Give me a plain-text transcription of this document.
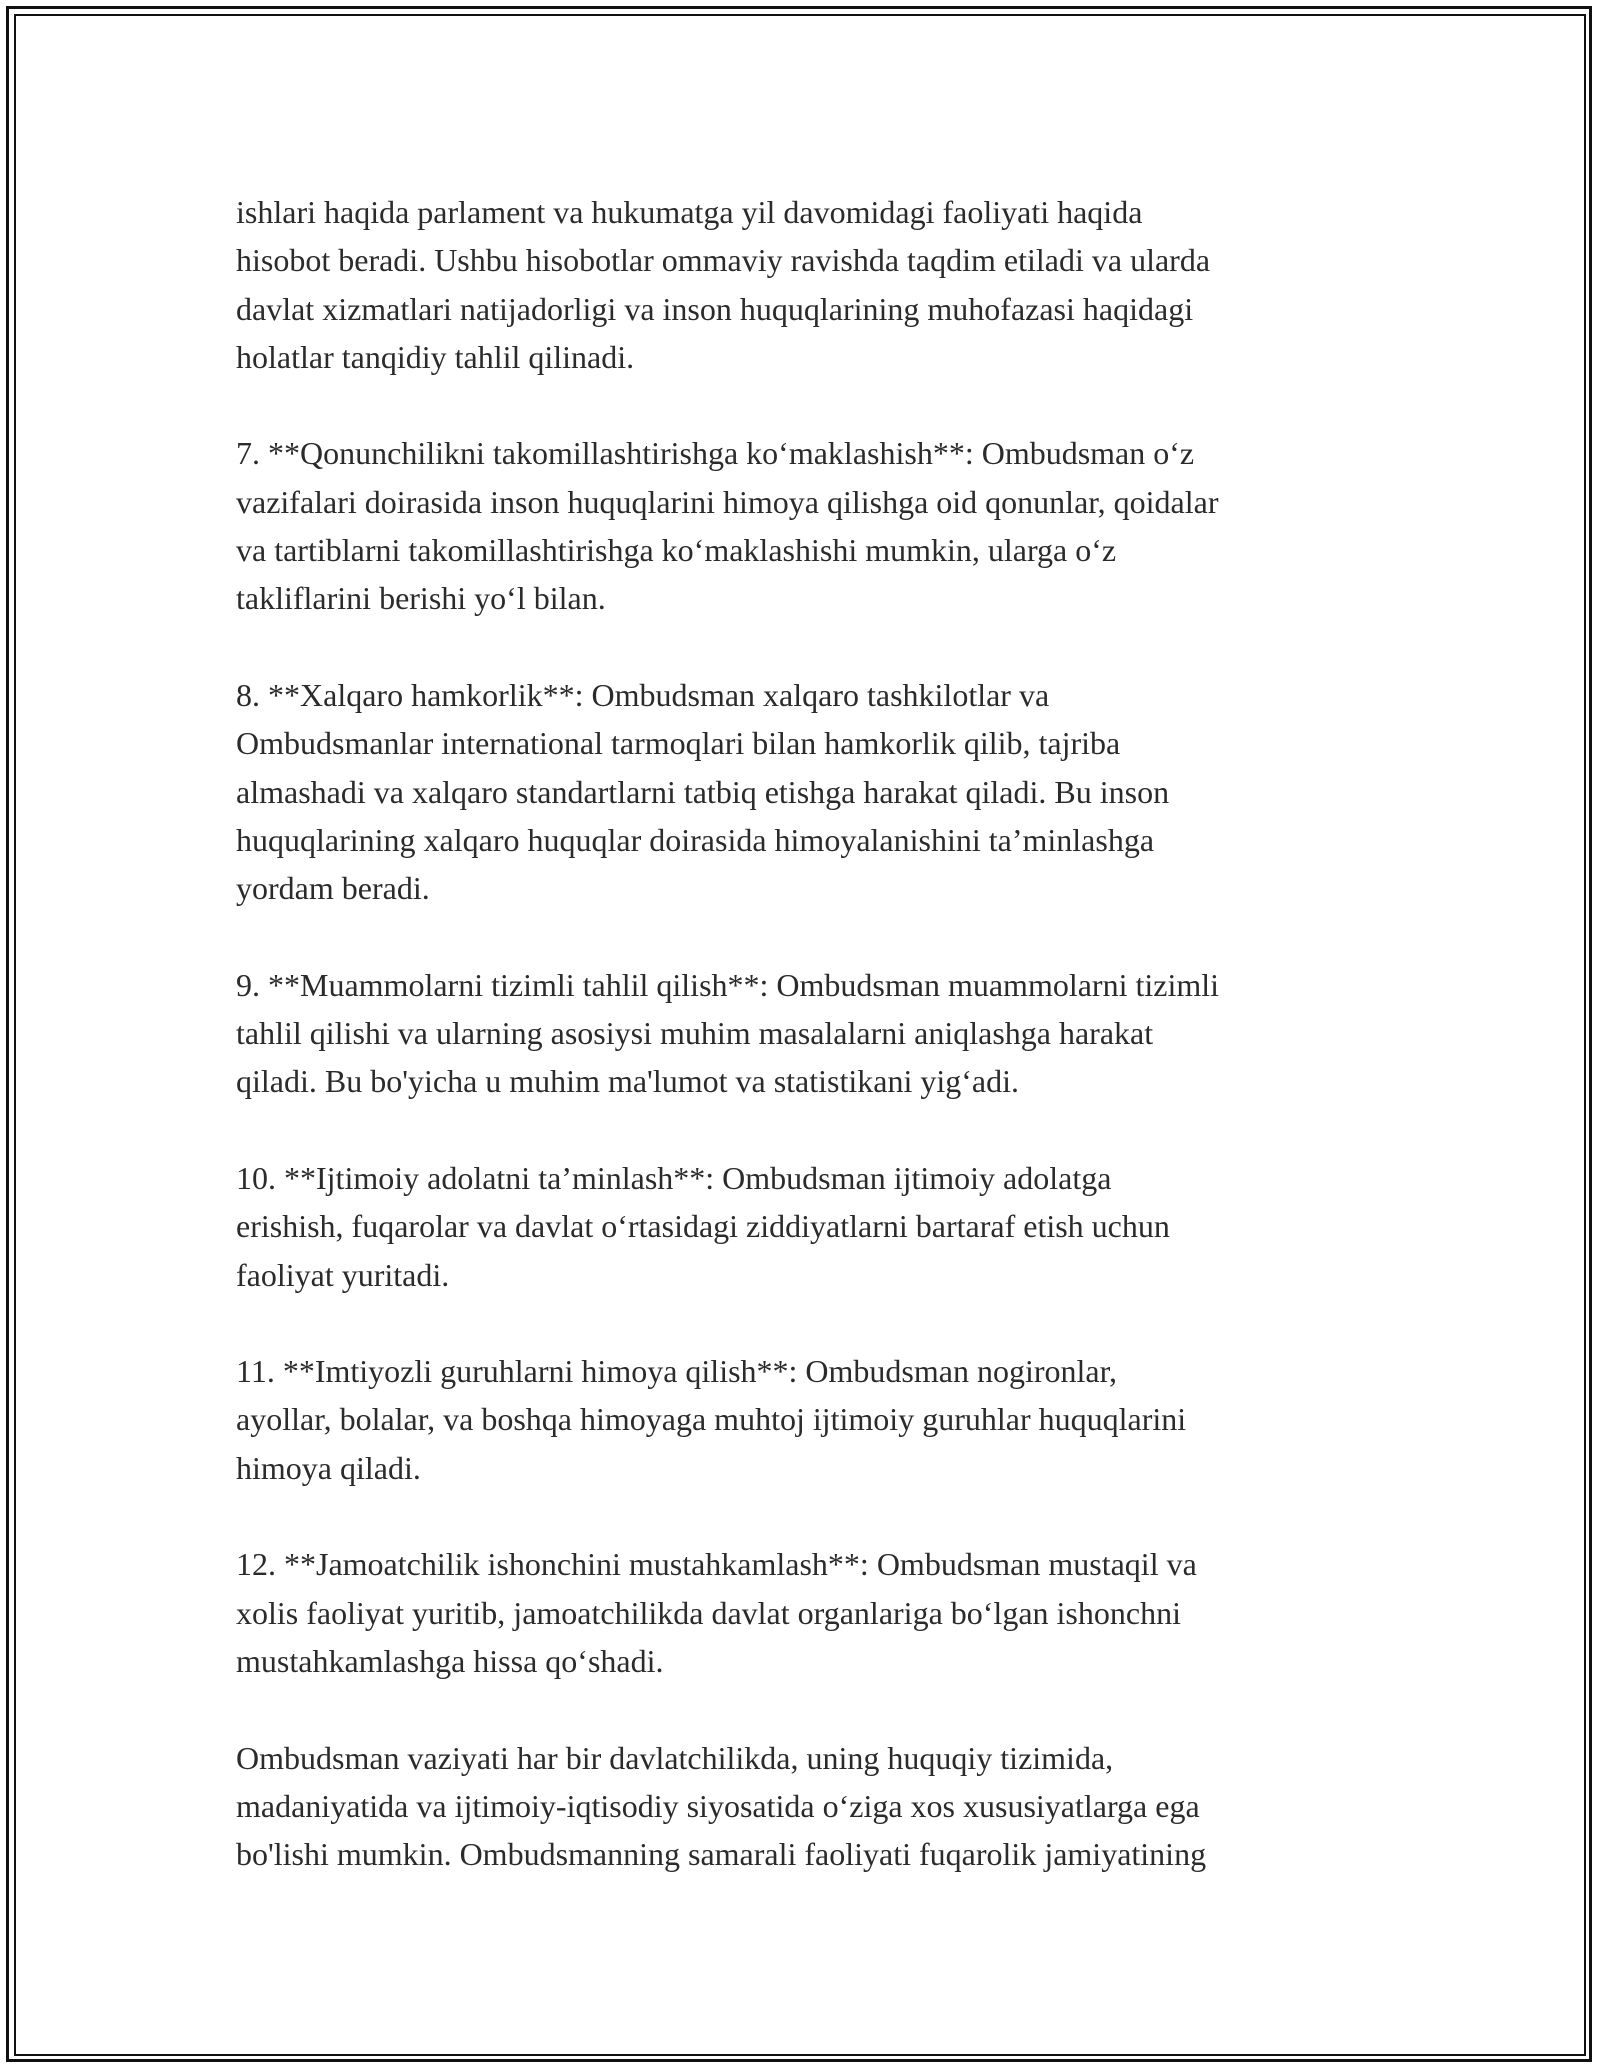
ishlari haqida parlament va hukumatga yil davomidagi faoliyati haqida
hisobot beradi. Ushbu hisobotlar ommaviy ravishda taqdim etiladi va ularda
davlat xizmatlari natijadorligi va inson huquqlarining muhofazasi haqidagi
holatlar tanqidiy tahlil qilinadi.

7. **Qonunchilikni takomillashtirishga koʻmaklashish**: Ombudsman oʻz
vazifalari doirasida inson huquqlarini himoya qilishga oid qonunlar, qoidalar
va tartiblarni takomillashtirishga koʻmaklashishi mumkin, ularga oʻz
takliflarini berishi yoʻl bilan.

8. **Xalqaro hamkorlik**: Ombudsman xalqaro tashkilotlar va
Ombudsmanlar international tarmoqlari bilan hamkorlik qilib, tajriba
almashadi va xalqaro standartlarni tatbiq etishga harakat qiladi. Bu inson
huquqlarining xalqaro huquqlar doirasida himoyalanishini taʼminlashga
yordam beradi.

9. **Muammolarni tizimli tahlil qilish**: Ombudsman muammolarni tizimli
tahlil qilishi va ularning asosiysi muhim masalalarni aniqlashga harakat
qiladi. Bu bo'yicha u muhim ma'lumot va statistikani yigʻadi.

10. **Ijtimoiy adolatni taʼminlash**: Ombudsman ijtimoiy adolatga
erishish, fuqarolar va davlat oʻrtasidagi ziddiyatlarni bartaraf etish uchun
faoliyat yuritadi.

11. **Imtiyozli guruhlarni himoya qilish**: Ombudsman nogironlar,
ayollar, bolalar, va boshqa himoyaga muhtoj ijtimoiy guruhlar huquqlarini
himoya qiladi.

12. **Jamoatchilik ishonchini mustahkamlash**: Ombudsman mustaqil va
xolis faoliyat yuritib, jamoatchilikda davlat organlariga boʻlgan ishonchni
mustahkamlashga hissa qoʻshadi.

Ombudsman vaziyati har bir davlatchilikda, uning huquqiy tizimida,
madaniyatida va ijtimoiy-iqtisodiy siyosatida oʻziga xos xususiyatlarga ega
bo'lishi mumkin. Ombudsmanning samarali faoliyati fuqarolik jamiyatining
